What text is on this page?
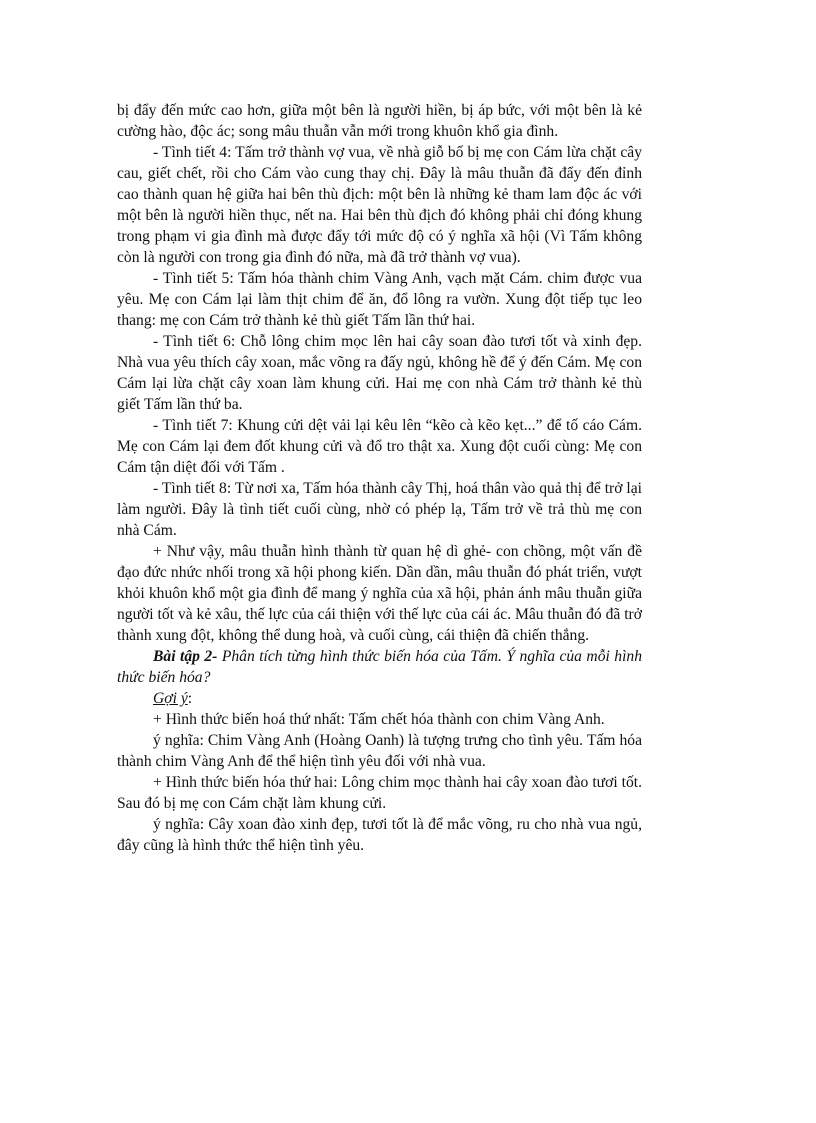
bị đẩy đến mức cao hơn, giữa một bên là người hiền, bị áp bức, với một bên là kẻ cường hào, độc ác; song mâu thuẫn vẫn mới trong khuôn khổ gia đình.

- Tình tiết 4: Tấm trở thành vợ vua, về nhà giỗ bố bị mẹ con Cám lừa chặt cây cau, giết chết, rồi cho Cám vào cung thay chị. Đây là mâu thuẫn đã đẩy đến đỉnh cao thành quan hệ giữa hai bên thù địch: một bên là những kẻ tham lam độc ác với một bên là người hiền thục, nết na. Hai bên thù địch đó không phải chỉ đóng khung trong phạm vi gia đình mà được đẩy tới mức độ có ý nghĩa xã hội (Vì Tấm không còn là người con trong gia đình đó nữa, mà đã trở thành vợ vua).

- Tình tiết 5: Tấm hóa thành chim Vàng Anh, vạch mặt Cám. chim được vua yêu. Mẹ con Cám lại làm thịt chim để ăn, đổ lông ra vườn. Xung đột tiếp tục leo thang: mẹ con Cám trở thành kẻ thù giết Tấm lần thứ hai.

- Tình tiết 6: Chỗ lông chim mọc lên hai cây soan đào tươi tốt và xinh đẹp. Nhà vua yêu thích cây xoan, mắc võng ra đấy ngủ, không hề để ý đến Cám. Mẹ con Cám lại lừa chặt cây xoan làm khung cửi. Hai mẹ con nhà Cám trở thành kẻ thù giết Tấm lần thứ ba.

- Tình tiết 7: Khung cửi dệt vải lại kêu lên “kẽo cà kẽo kẹt...” để tố cáo Cám. Mẹ con Cám lại đem đốt khung cửi và đổ tro thật xa. Xung đột cuối cùng: Mẹ con Cám tận diệt đối với Tấm .

- Tình tiết 8: Từ nơi xa, Tấm hóa thành cây Thị, hoá thân vào quả thị để trở lại làm người. Đây là tình tiết cuối cùng, nhờ có phép lạ, Tấm trở về trả thù mẹ con nhà Cám.

+ Như vậy, mâu thuẫn hình thành từ quan hệ dì ghẻ- con chồng, một vấn đề đạo đức nhức nhối trong xã hội phong kiến. Dần dần, mâu thuẫn đó phát triển, vượt khỏi khuôn khổ một gia đình để mang ý nghĩa của xã hội, phản ánh mâu thuẫn giữa người tốt và kẻ xâu, thế lực của cái thiện với thế lực của cái ác. Mâu thuẫn đó đã trở thành xung đột, không thể dung hoà, và cuối cùng, cái thiện đã chiến thắng.

Bài tập 2- Phân tích từng hình thức biến hóa của Tấm. Ý nghĩa của mỗi hình thức biến hóa?

Gợi ý:

+ Hình thức biến hoá thứ nhất: Tấm chết hóa thành con chim Vàng Anh.

ý nghĩa: Chim Vàng Anh (Hoàng Oanh) là tượng trưng cho tình yêu. Tấm hóa thành chim Vàng Anh để thể hiện tình yêu đối với nhà vua.

+ Hình thức biến hóa thứ hai: Lông chim mọc thành hai cây xoan đào tươi tốt. Sau đó bị mẹ con Cám chặt làm khung cửi.

ý nghĩa: Cây xoan đào xinh đẹp, tươi tốt là để mắc võng, ru cho nhà vua ngủ, đây cũng là hình thức thể hiện tình yêu.
